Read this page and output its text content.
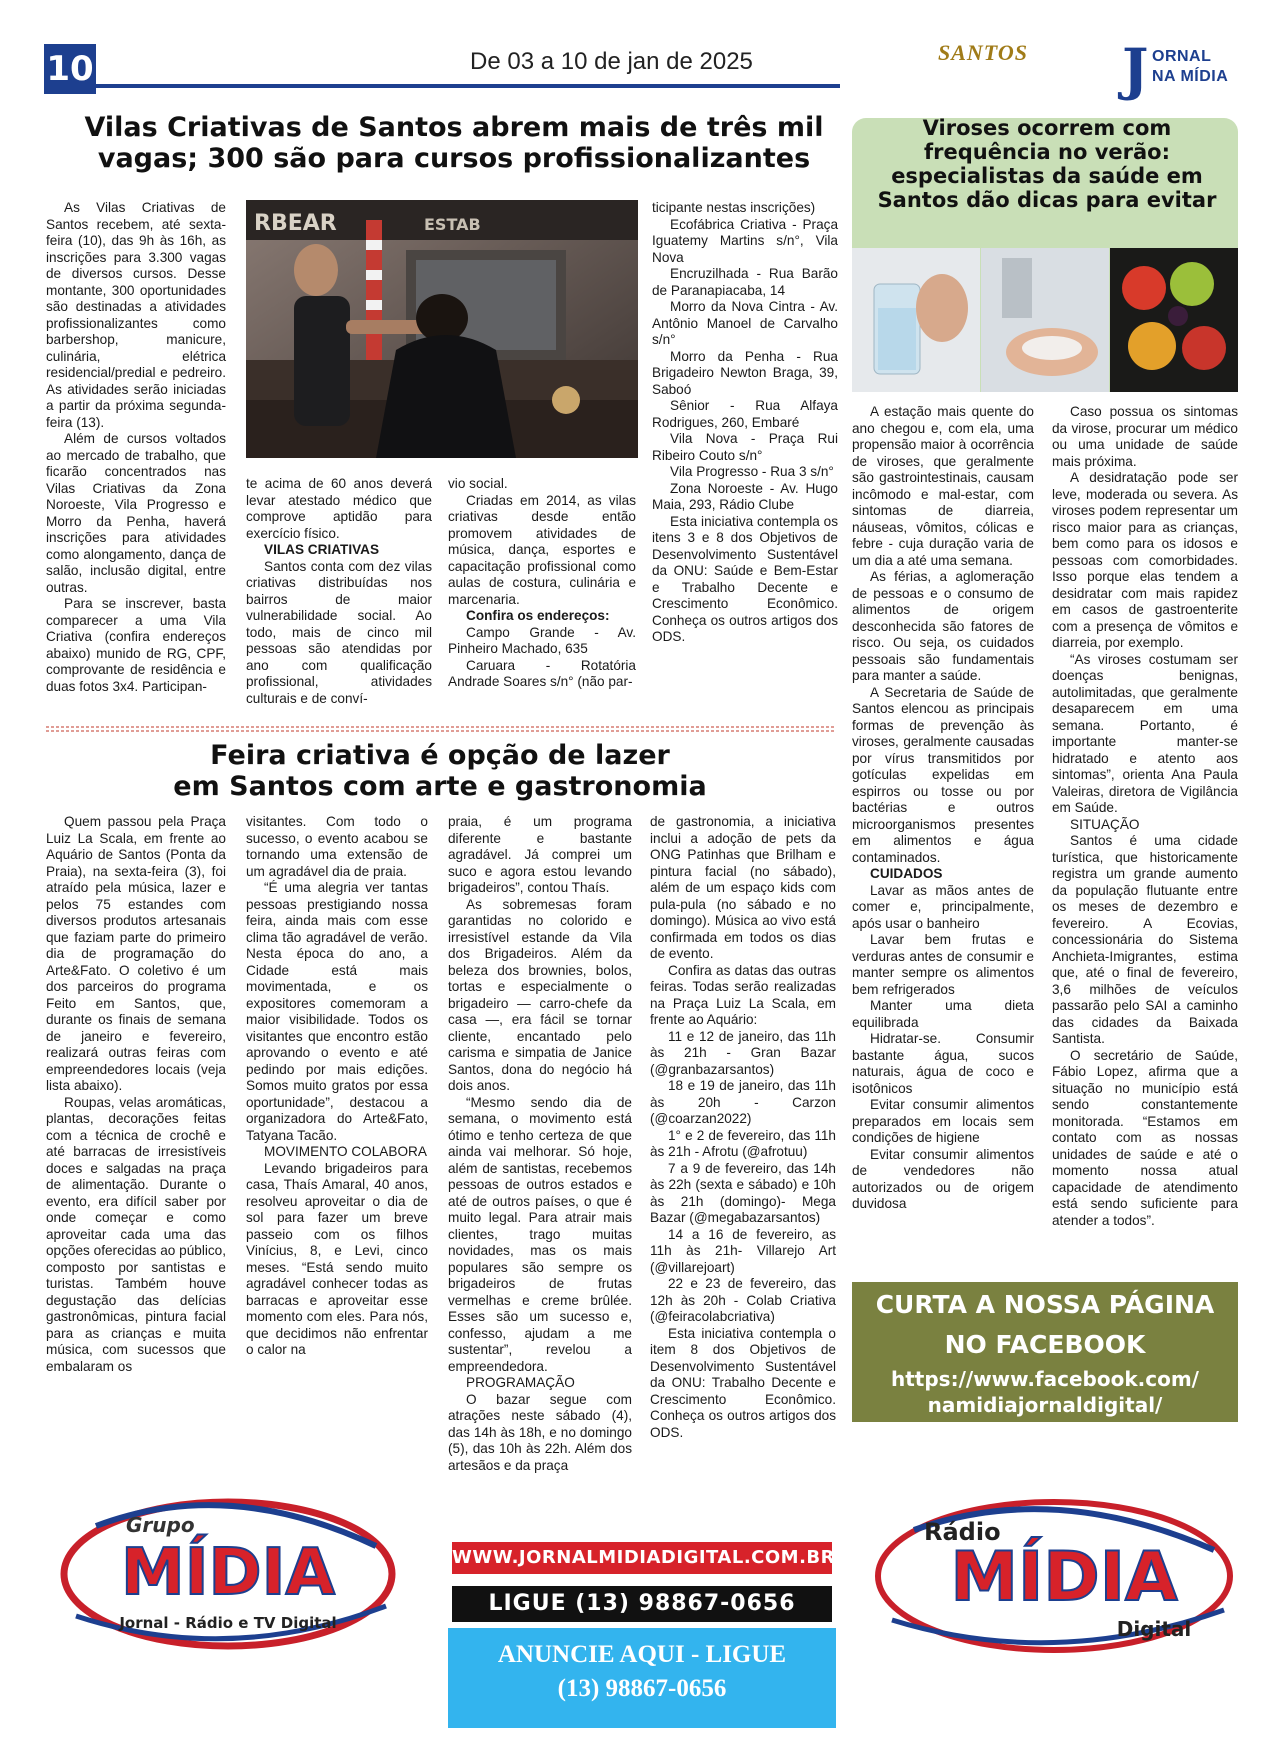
10	De 03 a 10 de jan de 2025	SANTOS J ORNAL
NA MÍDIA
Vilas Criativas de Santos abrem mais de três mil
vagas; 300 são para cursos profissionalizantes

As Vilas Criativas de Santos recebem, até sexta-feira (10), das 9h às 16h, as inscrições para 3.300 vagas de diversos cursos. Desse montante, 300 oportunidades são destinadas a atividades profissionalizantes como barbershop, manicure, culinária, elétrica residencial/predial e pedreiro. As atividades serão iniciadas a partir da próxima segunda-feira (13).

Além de cursos voltados ao mercado de trabalho, que ficarão concentrados nas Vilas Criativas da Zona Noroeste, Vila Progresso e Morro da Penha, haverá inscrições para atividades como alongamento, dança de salão, inclusão digital, entre outras.

Para se inscrever, basta comparecer a uma Vila Criativa (confira endereços abaixo) munido de RG, CPF, comprovante de residência e duas fotos 3x4. Participan-

RBEAR	ESTAB

te acima de 60 anos deverá levar atestado médico que comprove aptidão para exercício físico.

VILAS CRIATIVAS

Santos conta com dez vilas criativas distribuídas nos bairros de maior vulnerabilidade social. Ao todo, mais de cinco mil pessoas são atendidas por ano com qualificação profissional, atividades culturais e de conví-

vio social.

Criadas em 2014, as vilas criativas desde então promovem atividades de música, dança, esportes e capacitação profissional como aulas de costura, culinária e marcenaria.

Confira os endereços:

Campo Grande - Av. Pinheiro Machado, 635

Caruara - Rotatória Andrade Soares s/n° (não par-

ticipante nestas inscrições)

Ecofábrica Criativa - Praça Iguatemy Martins s/n°, Vila Nova

Encruzilhada - Rua Barão de Paranapiacaba, 14

Morro da Nova Cintra - Av. Antônio Manoel de Carvalho s/n°

Morro da Penha - Rua Brigadeiro Newton Braga, 39, Saboó

Sênior - Rua Alfaya Rodrigues, 260, Embaré

Vila Nova - Praça Rui Ribeiro Couto s/n°

Vila Progresso - Rua 3 s/n°

Zona Noroeste - Av. Hugo Maia, 293, Rádio Clube

Esta iniciativa contempla os itens 3 e 8 dos Objetivos de Desenvolvimento Sustentável da ONU: Saúde e Bem-Estar e Trabalho Decente e Crescimento Econômico. Conheça os outros artigos dos ODS.

Feira criativa é opção de lazer
em Santos com arte e gastronomia

Quem passou pela Praça Luiz La Scala, em frente ao Aquário de Santos (Ponta da Praia), na sexta-feira (3), foi atraído pela música, lazer e pelos 75 estandes com diversos produtos artesanais que faziam parte do primeiro dia de programação do Arte&Fato. O coletivo é um dos parceiros do programa Feito em Santos, que, durante os finais de semana de janeiro e fevereiro, realizará outras feiras com empreendedores locais (veja lista abaixo).

Roupas, velas aromáticas, plantas, decorações feitas com a técnica de crochê e até barracas de irresistíveis doces e salgadas na praça de alimentação. Durante o evento, era difícil saber por onde começar e como aproveitar cada uma das opções oferecidas ao público, composto por santistas e turistas. Também houve degustação das delícias gastronômicas, pintura facial para as crianças e muita música, com sucessos que embalaram os

visitantes. Com todo o sucesso, o evento acabou se tornando uma extensão de um agradável dia de praia.

“É uma alegria ver tantas pessoas prestigiando nossa feira, ainda mais com esse clima tão agradável de verão. Nesta época do ano, a Cidade está mais movimentada, e os expositores comemoram a maior visibilidade. Todos os visitantes que encontro estão aprovando o evento e até pedindo por mais edições. Somos muito gratos por essa oportunidade”, destacou a organizadora do Arte&Fato, Tatyana Tacão.

MOVIMENTO COLABORA

Levando brigadeiros para casa, Thaís Amaral, 40 anos, resolveu aproveitar o dia de sol para fazer um breve passeio com os filhos Vinícius, 8, e Levi, cinco meses. “Está sendo muito agradável conhecer todas as barracas e aproveitar esse momento com eles. Para nós, que decidimos não enfrentar o calor na

praia, é um programa diferente e bastante agradável. Já comprei um suco e agora estou levando brigadeiros”, contou Thaís.

As sobremesas foram garantidas no colorido e irresistível estande da Vila dos Brigadeiros. Além da beleza dos brownies, bolos, tortas e especialmente o brigadeiro — carro-chefe da casa —, era fácil se tornar cliente, encantado pelo carisma e simpatia de Janice Santos, dona do negócio há dois anos.

“Mesmo sendo dia de semana, o movimento está ótimo e tenho certeza de que ainda vai melhorar. Só hoje, além de santistas, recebemos pessoas de outros estados e até de outros países, o que é muito legal. Para atrair mais clientes, trago muitas novidades, mas os mais populares são sempre os brigadeiros de frutas vermelhas e creme brûlée. Esses são um sucesso e, confesso, ajudam a me sustentar”, revelou a empreendedora.

PROGRAMAÇÃO

O bazar segue com atrações neste sábado (4), das 14h às 18h, e no domingo (5), das 10h às 22h. Além dos artesãos e da praça

de gastronomia, a iniciativa inclui a adoção de pets da ONG Patinhas que Brilham e pintura facial (no sábado), além de um espaço kids com pula-pula (no sábado e no domingo). Música ao vivo está confirmada em todos os dias de evento.

Confira as datas das outras feiras. Todas serão realizadas na Praça Luiz La Scala, em frente ao Aquário:

11 e 12 de janeiro, das 11h às 21h - Gran Bazar (@granbazarsantos)

18 e 19 de janeiro, das 11h às 20h - Carzon (@coarzan2022)

1° e 2 de fevereiro, das 11h às 21h - Afrotu (@afrotuu)

7 a 9 de fevereiro, das 14h às 22h (sexta e sábado) e 10h às 21h (domingo)- Mega Bazar (@megabazarsantos)

14 a 16 de fevereiro, as 11h às 21h- Villarejo Art (@villarejoart)

22 e 23 de fevereiro, das 12h às 20h - Colab Criativa (@feiracolabcriativa)

Esta iniciativa contempla o item 8 dos Objetivos de Desenvolvimento Sustentável da ONU: Trabalho Decente e Crescimento Econômico. Conheça os outros artigos dos ODS.

Viroses ocorrem com
frequência no verão:
especialistas da saúde em
Santos dão dicas para evitar

A estação mais quente do ano chegou e, com ela, uma propensão maior à ocorrência de viroses, que geralmente são gastrointestinais, causam incômodo e mal-estar, com sintomas de diarreia, náuseas, vômitos, cólicas e febre - cuja duração varia de um dia a até uma semana.

As férias, a aglomeração de pessoas e o consumo de alimentos de origem desconhecida são fatores de risco. Ou seja, os cuidados pessoais são fundamentais para manter a saúde.

A Secretaria de Saúde de Santos elencou as principais formas de prevenção às viroses, geralmente causadas por vírus transmitidos por gotículas expelidas em espirros ou tosse ou por bactérias e outros microorganismos presentes em alimentos e água contaminados.

CUIDADOS

Lavar as mãos antes de comer e, principalmente, após usar o banheiro

Lavar bem frutas e verduras antes de consumir e manter sempre os alimentos bem refrigerados

Manter uma dieta equilibrada

Hidratar-se. Consumir bastante água, sucos naturais, água de coco e isotônicos

Evitar consumir alimentos preparados em locais sem condições de higiene

Evitar consumir alimentos de vendedores não autorizados ou de origem duvidosa

Caso possua os sintomas da virose, procurar um médico ou uma unidade de saúde mais próxima.

A desidratação pode ser leve, moderada ou severa. As viroses podem representar um risco maior para as crianças, bem como para os idosos e pessoas com comorbidades. Isso porque elas tendem a desidratar com mais rapidez em casos de gastroenterite com a presença de vômitos e diarreia, por exemplo.

“As viroses costumam ser doenças benignas, autolimitadas, que geralmente desaparecem em uma semana. Portanto, é importante manter-se hidratado e atento aos sintomas”, orienta Ana Paula Valeiras, diretora de Vigilância em Saúde.

SITUAÇÃO

Santos é uma cidade turística, que historicamente registra um grande aumento da população flutuante entre os meses de dezembro e fevereiro. A Ecovias, concessionária do Sistema Anchieta-Imigrantes, estima que, até o final de fevereiro, 3,6 milhões de veículos passarão pelo SAI a caminho das cidades da Baixada Santista.

O secretário de Saúde, Fábio Lopez, afirma que a situação no município está sendo constantemente monitorada. “Estamos em contato com as nossas unidades de saúde e até o momento nossa atual capacidade de atendimento está sendo suficiente para atender a todos”.

CURTA A NOSSA PÁGINA
NO FACEBOOK
https://www.facebook.com/
namidiajornaldigital/
Grupo
MÍDIA
Jornal - Rádio e TV Digital
WWW.JORNALMIDIADIGITAL.COM.BR
LIGUE (13) 98867-0656
ANUNCIE AQUI - LIGUE
(13) 98867-0656
Rádio
MÍDIA
Digital
